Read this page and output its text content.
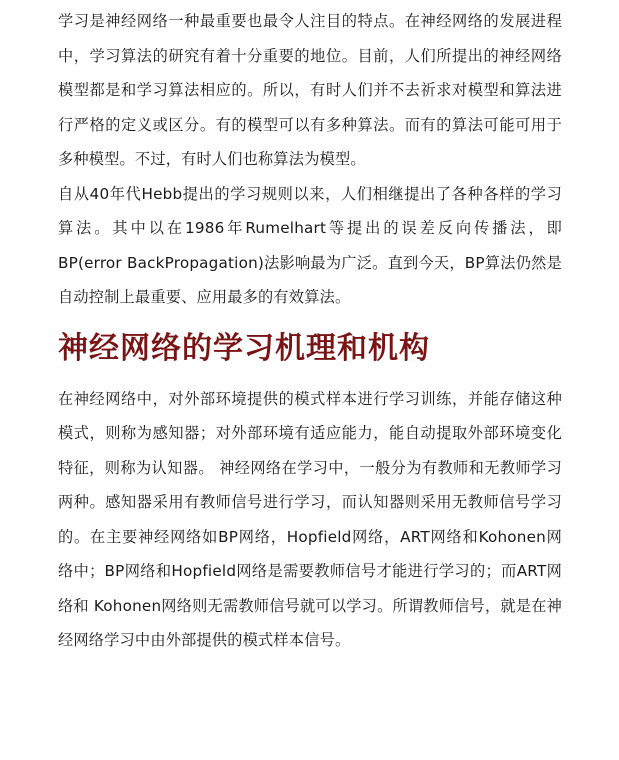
学习是神经网络一种最重要也最令人注目的特点。在神经网络的发展进程中，学习算法的研究有着十分重要的地位。目前，人们所提出的神经网络模型都是和学习算法相应的。所以，有时人们并不去祈求对模型和算法进行严格的定义或区分。有的模型可以有多种算法。而有的算法可能可用于多种模型。不过，有时人们也称算法为模型。

自从40年代Hebb提出的学习规则以来，人们相继提出了各种各样的学习算法。其中以在1986年Rumelhart等提出的误差反向传播法，即BP(error BackPropagation)法影响最为广泛。直到今天，BP算法仍然是自动控制上最重要、应用最多的有效算法。

神经网络的学习机理和机构

在神经网络中，对外部环境提供的模式样本进行学习训练，并能存储这种模式，则称为感知器；对外部环境有适应能力，能自动提取外部环境变化特征，则称为认知器。 神经网络在学习中，一般分为有教师和无教师学习两种。感知器采用有教师信号进行学习，而认知器则采用无教师信号学习的。在主要神经网络如BP网络，Hopfield网络，ART网络和Kohonen网络中；BP网络和Hopfield网络是需要教师信号才能进行学习的；而ART网络和 Kohonen网络则无需教师信号就可以学习。所谓教师信号，就是在神经网络学习中由外部提供的模式样本信号。
